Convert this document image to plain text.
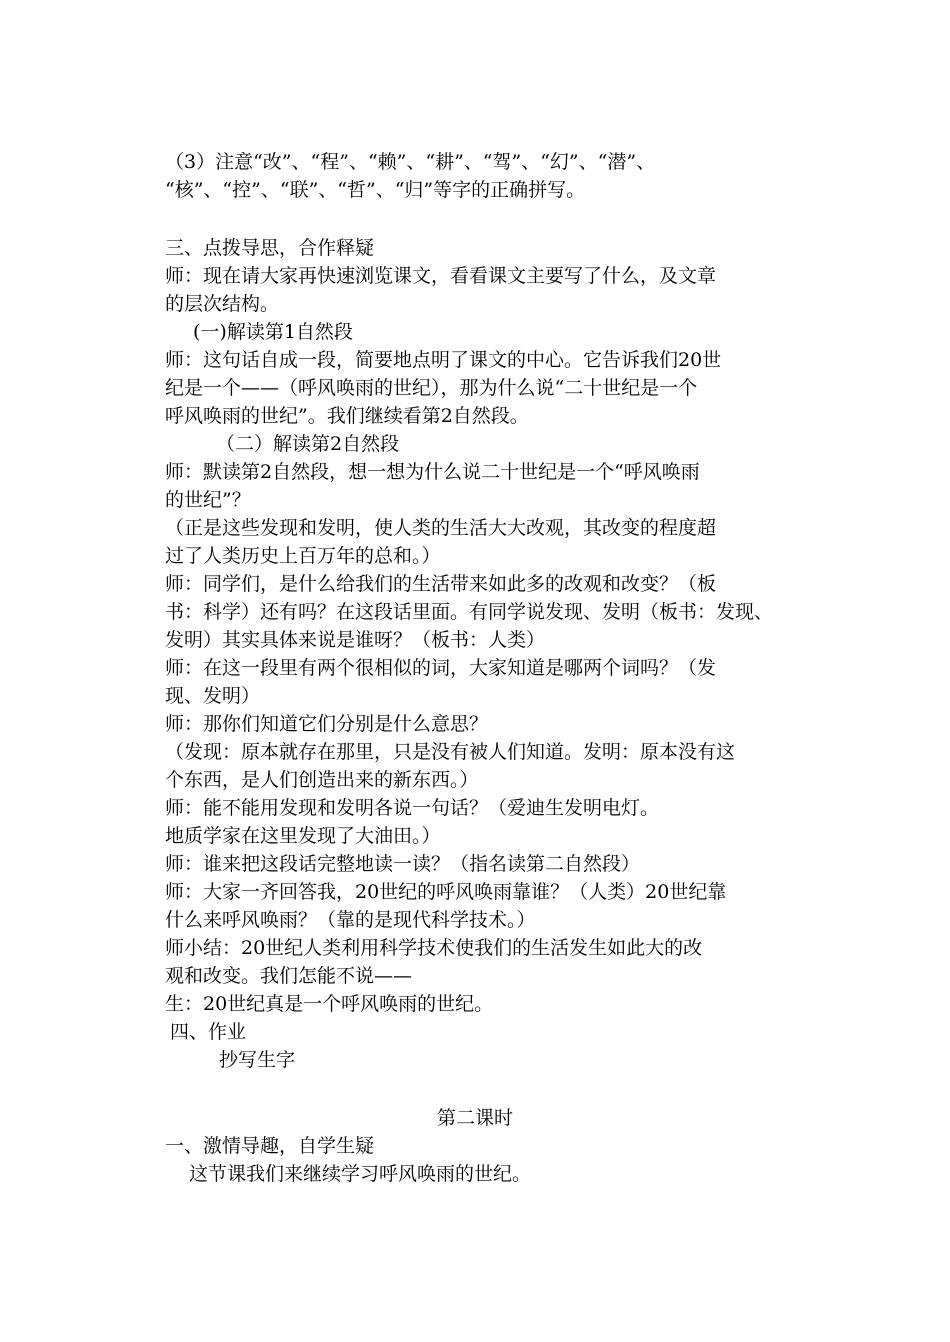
（3）注意“改”、“程”、“赖”、“耕”、“驾”、“幻”、“潜”、
“核”、“控”、“联”、“哲”、“归”等字的正确拼写。
三、点拨导思，合作释疑
师：现在请大家再快速浏览课文，看看课文主要写了什么，及文章
的层次结构。
(一)解读第1自然段
师：这句话自成一段，简要地点明了课文的中心。它告诉我们20世
纪是一个——（呼风唤雨的世纪），那为什么说“二十世纪是一个
呼风唤雨的世纪”。我们继续看第2自然段。
（二）解读第2自然段
师：默读第2自然段，想一想为什么说二十世纪是一个“呼风唤雨
的世纪”？
（正是这些发现和发明，使人类的生活大大改观，其改变的程度超
过了人类历史上百万年的总和。）
师：同学们，是什么给我们的生活带来如此多的改观和改变？（板
书：科学）还有吗？在这段话里面。有同学说发现、发明（板书：发现、
发明）其实具体来说是谁呀？（板书：人类）
师：在这一段里有两个很相似的词，大家知道是哪两个词吗？（发
现、发明）
师：那你们知道它们分别是什么意思？
（发现：原本就存在那里，只是没有被人们知道。发明：原本没有这
个东西，是人们创造出来的新东西。）
师：能不能用发现和发明各说一句话？（爱迪生发明电灯。
地质学家在这里发现了大油田。）
师：谁来把这段话完整地读一读？（指名读第二自然段）
师：大家一齐回答我，20世纪的呼风唤雨靠谁？（人类）20世纪靠
什么来呼风唤雨？（靠的是现代科学技术。）
师小结：20世纪人类利用科学技术使我们的生活发生如此大的改
观和改变。我们怎能不说——
生：20世纪真是一个呼风唤雨的世纪。
四、作业
抄写生字
第二课时
一、激情导趣，自学生疑
这节课我们来继续学习呼风唤雨的世纪。
